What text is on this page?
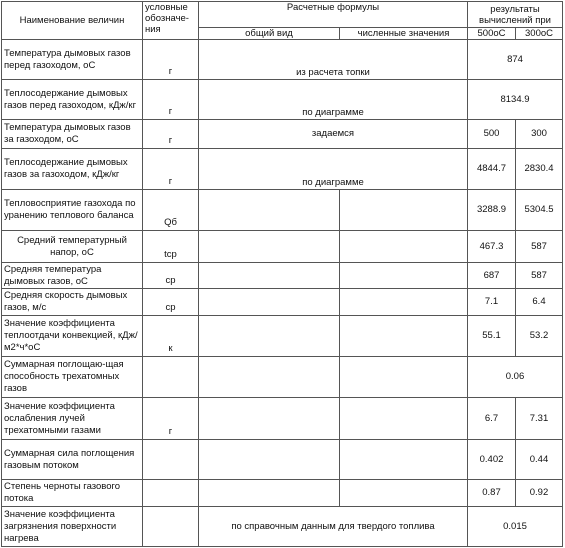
Наименование величин	условные обозначе-ния	Расчетные формулы		результаты вычислений при	
		общий вид	численные значения	500oC	300oC
Температура дымовых газов перед газоходом, oC	г	из расчета топки		874	
Теплосодержание дымовых газов перед газоходом, кДж/кг	г	по диаграмме		8134.9	
Температура дымовых газов за газоходом, oC	г	задаемся		500	300
Теплосодержание дымовых газов за газоходом, кДж/кг	г	по диаграмме		4844.7	2830.4
Тепловосприятие газохода по уранению теплового баланса	Qб			3288.9	5304.5
Средний температурный напор, oC	tср			467.3	587
Средняя температура дымовых газов, oC	ср			687	587
Средняя скорость дымовых газов, м/с	ср			7.1	6.4
Значение коэффициента теплоотдачи конвекцией, кДж/м2*ч*oC	к			55.1	53.2
Суммарная поглощаю-щая способность трехатомных газов				0.06	
Значение коэффициента ослабления лучей трехатомными газами	г			6.7	7.31
Суммарная сила поглощения газовым потоком				0.402	0.44
Степень черноты газового потока				0.87	0.92
Значение коэффициента загрязнения поверхности нагрева		по справочным данным для твердого топлива		0.015	
